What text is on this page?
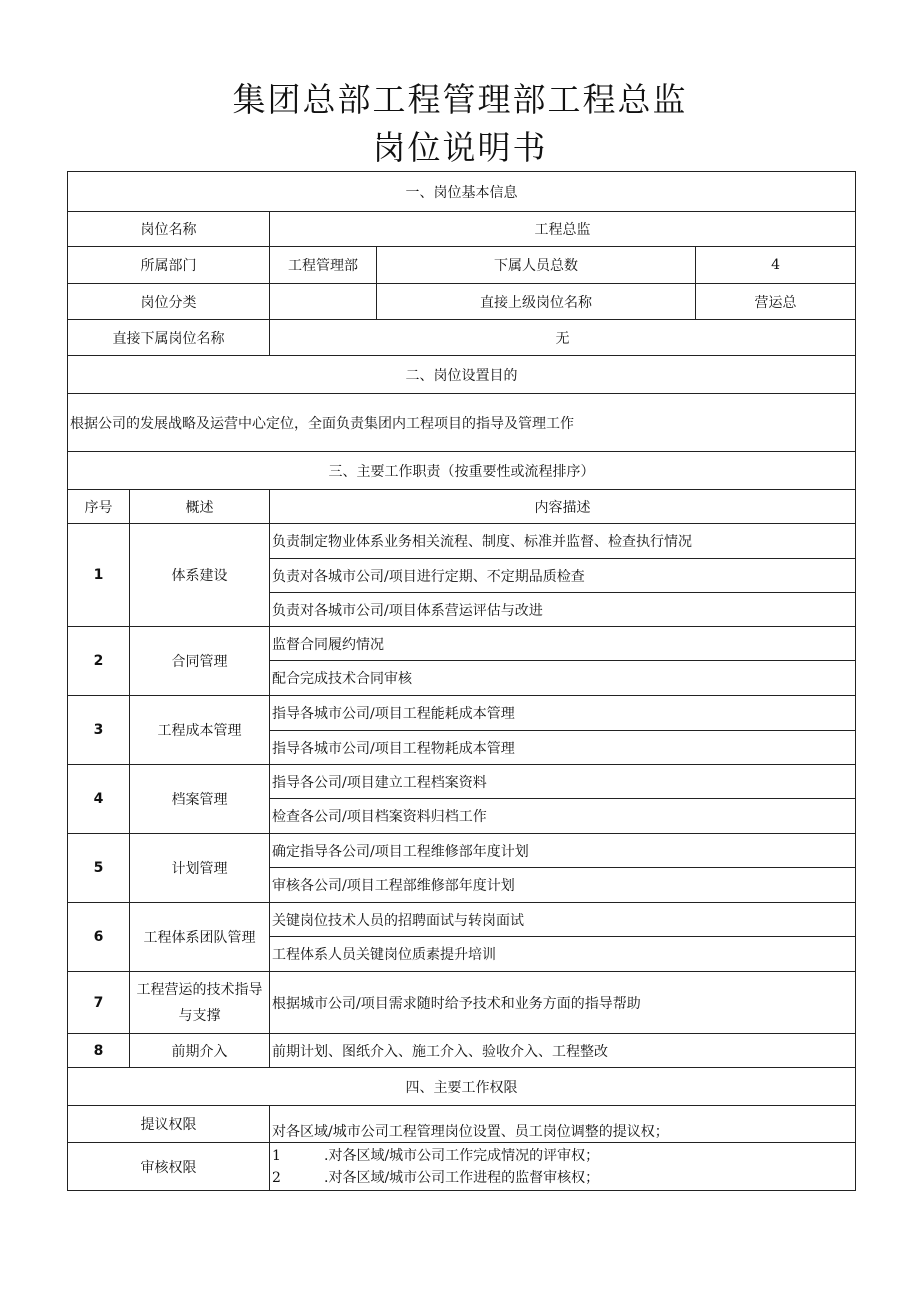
集团总部工程管理部工程总监
岗位说明书
一、岗位基本信息				
岗位名称		工程总监		
所属部门		工程管理部	下属人员总数	4
岗位分类			直接上级岗位名称	营运总
直接下属岗位名称		无		
二、岗位设置目的				
根据公司的发展战略及运营中心定位，全面负责集团内工程项目的指导及管理工作				
三、主要工作职责（按重要性或流程排序）				
序号	概述	内容描述		
1	体系建设	负责制定物业体系业务相关流程、制度、标准并监督、检查执行情况		
		负责对各城市公司/项目进行定期、不定期品质检查		
		负责对各城市公司/项目体系营运评估与改进		
2	合同管理	监督合同履约情况		
		配合完成技术合同审核		
3	工程成本管理	指导各城市公司/项目工程能耗成本管理		
		指导各城市公司/项目工程物耗成本管理		
4	档案管理	指导各公司/项目建立工程档案资料		
		检查各公司/项目档案资料归档工作		
5	计划管理	确定指导各公司/项目工程维修部年度计划		
		审核各公司/项目工程部维修部年度计划		
6	工程体系团队管理	关键岗位技术人员的招聘面试与转岗面试		
		工程体系人员关键岗位质素提升培训		
7	工程营运的技术指导与支撑	根据城市公司/项目需求随时给予技术和业务方面的指导帮助		
8	前期介入	前期计划、图纸介入、施工介入、验收介入、工程整改		
四、主要工作权限				
提议权限		对各区域/城市公司工程管理岗位设置、员工岗位调整的提议权；		
审核权限		1 .对各区域/城市公司工作完成情况的评审权；
2 .对各区域/城市公司工作进程的监督审核权；		
